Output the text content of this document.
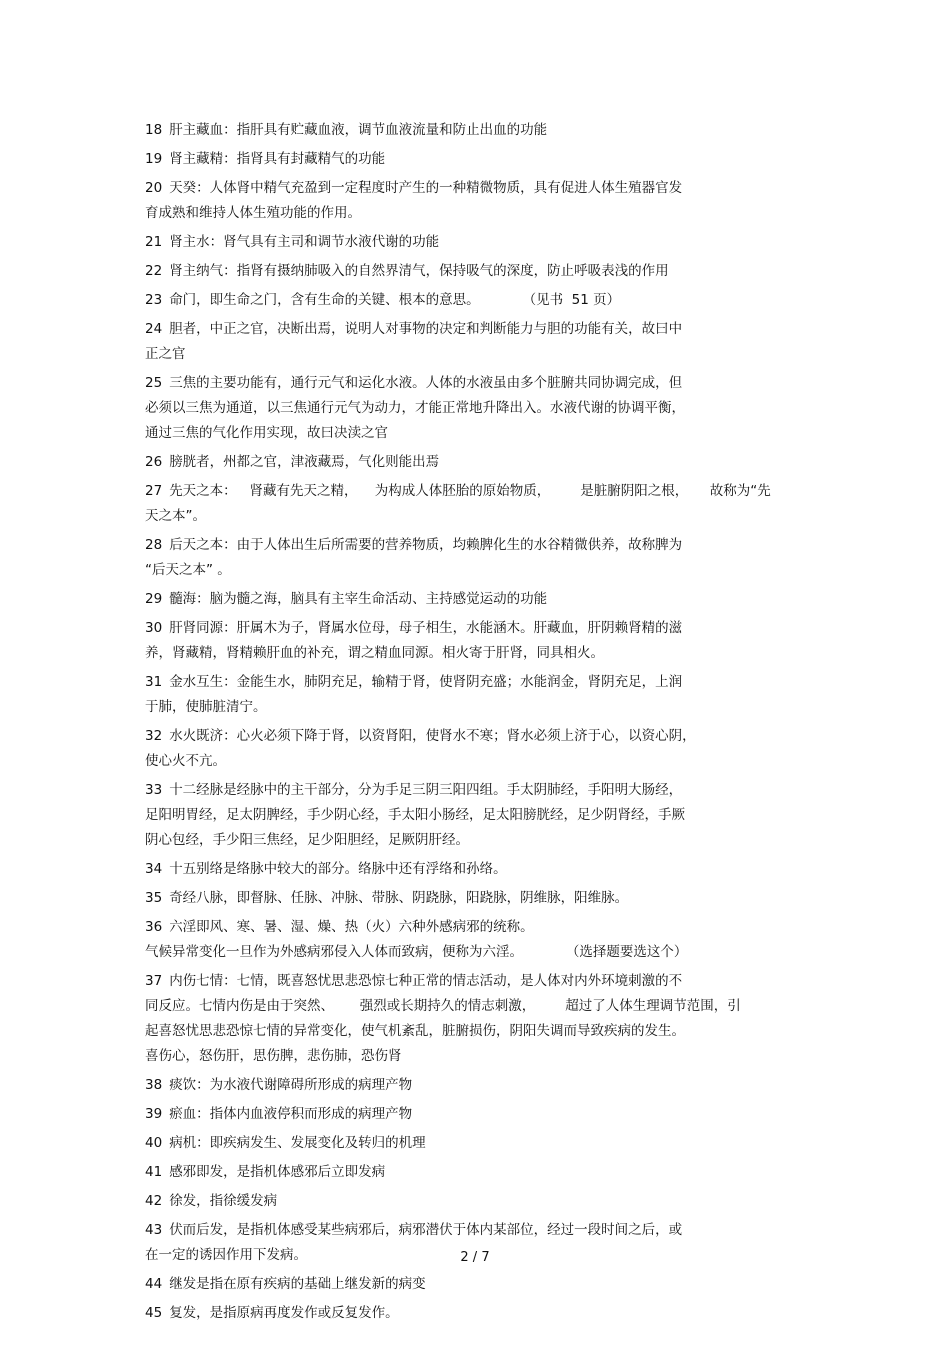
18 肝主藏血：指肝具有贮藏血液，调节血液流量和防止出血的功能
19 肾主藏精：指肾具有封藏精气的功能
20 天癸：人体肾中精气充盈到一定程度时产生的一种精微物质，具有促进人体生殖器官发
育成熟和维持人体生殖功能的作用。
21 肾主水：肾气具有主司和调节水液代谢的功能
22 肾主纳气：指肾有摄纳肺吸入的自然界清气，保持吸气的深度，防止呼吸表浅的作用
23 命门，即生命之门，含有生命的关键、根本的意思。          （见书  51 页）
24 胆者，中正之官，决断出焉，说明人对事物的决定和判断能力与胆的功能有关，故曰中
正之官
25 三焦的主要功能有，通行元气和运化水液。人体的水液虽由多个脏腑共同协调完成，但
必须以三焦为通道，以三焦通行元气为动力，才能正常地升降出入。水液代谢的协调平衡，
通过三焦的气化作用实现，故曰决渎之官
26 膀胱者，州都之官，津液藏焉，气化则能出焉
27 先天之本：   肾藏有先天之精，    为构成人体胚胎的原始物质，       是脏腑阴阳之根，     故称为“先
天之本”。
28 后天之本：由于人体出生后所需要的营养物质，均赖脾化生的水谷精微供养，故称脾为
“后天之本” 。
29 髓海：脑为髓之海，脑具有主宰生命活动、主持感觉运动的功能
30 肝肾同源：肝属木为子，肾属水位母，母子相生，水能涵木。肝藏血，肝阴赖肾精的滋
养，肾藏精，肾精赖肝血的补充，谓之精血同源。相火寄于肝肾，同具相火。
31 金水互生：金能生水，肺阴充足，输精于肾，使肾阴充盛；水能润金，肾阴充足，上润
于肺，使肺脏清宁。
32 水火既济：心火必须下降于肾，以资肾阳，使肾水不寒；肾水必须上济于心，以资心阴，
使心火不亢。
33 十二经脉是经脉中的主干部分，分为手足三阴三阳四组。手太阴肺经，手阳明大肠经，
足阳明胃经，足太阴脾经，手少阴心经，手太阳小肠经，足太阳膀胱经，足少阴肾经，手厥
阴心包经，手少阳三焦经，足少阳胆经，足厥阴肝经。
34 十五别络是络脉中较大的部分。络脉中还有浮络和孙络。
35 奇经八脉，即督脉、任脉、冲脉、带脉、阴跷脉，阳跷脉，阴维脉，阳维脉。
36 六淫即风、寒、暑、湿、燥、热（火）六种外感病邪的统称。
气候异常变化一旦作为外感病邪侵入人体而致病，便称为六淫。          （选择题要选这个）
37 内伤七情：七情，既喜怒忧思悲恐惊七种正常的情志活动，是人体对内外环境刺激的不
同反应。七情内伤是由于突然、      强烈或长期持久的情志刺激，       超过了人体生理调节范围，引
起喜怒忧思悲恐惊七情的异常变化，使气机紊乱，脏腑损伤，阴阳失调而导致疾病的发生。
喜伤心，怒伤肝，思伤脾，悲伤肺，恐伤肾
38 痰饮：为水液代谢障碍所形成的病理产物
39 瘀血：指体内血液停积而形成的病理产物
40 病机：即疾病发生、发展变化及转归的机理
41 感邪即发，是指机体感邪后立即发病
42 徐发，指徐缓发病
43 伏而后发，是指机体感受某些病邪后，病邪潜伏于体内某部位，经过一段时间之后，或
在一定的诱因作用下发病。
44 继发是指在原有疾病的基础上继发新的病变
45 复发，是指原病再度发作或反复发作。
2 / 7
